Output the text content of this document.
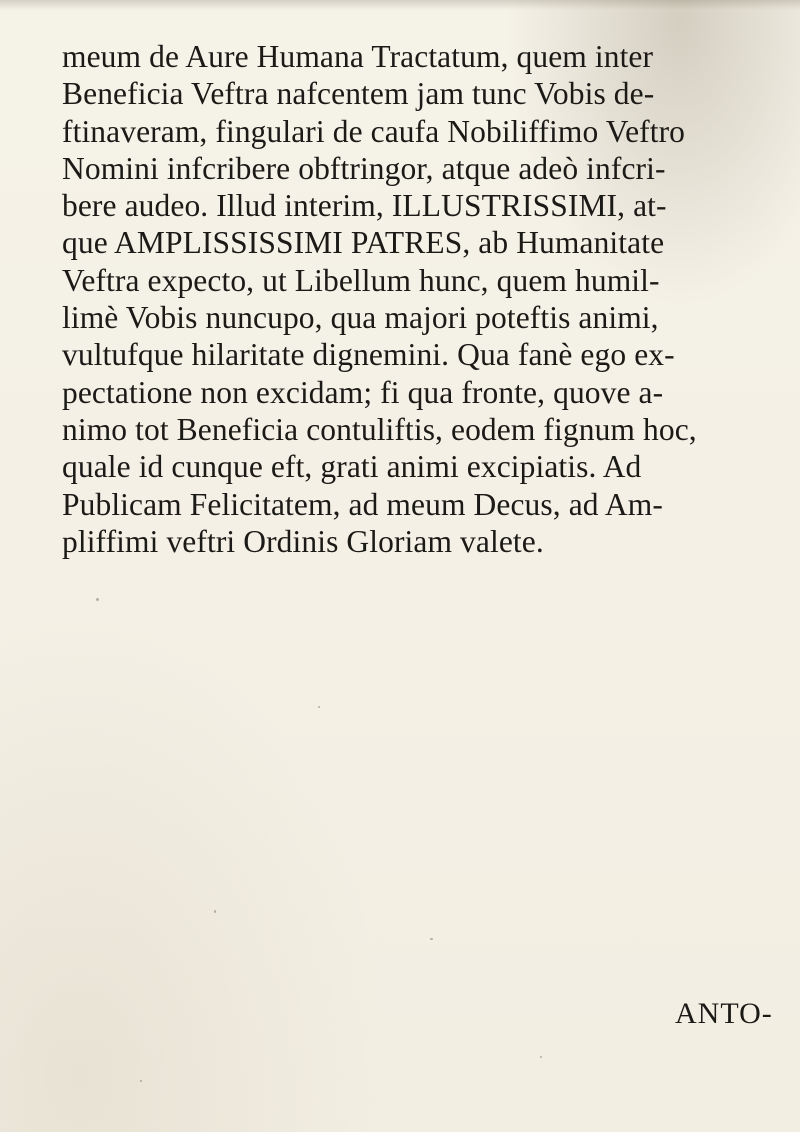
meum de Aure Humana Tractatum, quem inter
Beneficia Veftra nafcentem jam tunc Vobis de-
ftinaveram, fingulari de caufa Nobiliffimo Veftro
Nomini infcribere obftringor, atque adeò infcri-
bere audeo. Illud interim, ILLUSTRISSIMI, at-
que AMPLISSISSIMI PATRES, ab Humanitate
Veftra expecto, ut Libellum hunc, quem humil-
limè Vobis nuncupo, qua majori poteftis animi,
vultufque hilaritate dignemini. Qua fanè ego ex-
pectatione non excidam; fi qua fronte, quove a-
nimo tot Beneficia contuliftis, eodem fignum hoc,
quale id cunque eft, grati animi excipiatis. Ad
Publicam Felicitatem, ad meum Decus, ad Am-
pliffimi veftri Ordinis Gloriam valete.
ANTO-
